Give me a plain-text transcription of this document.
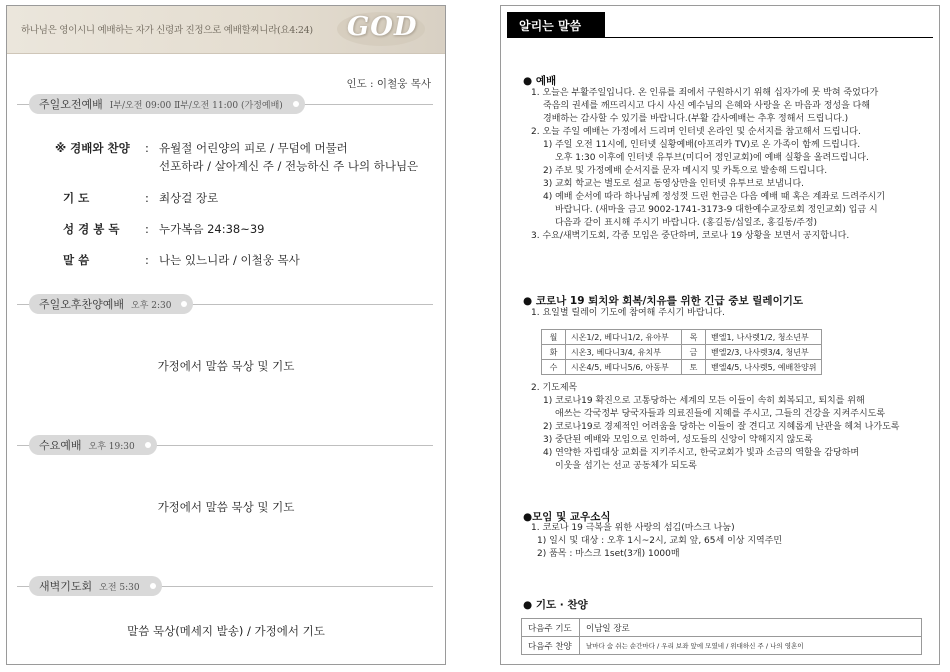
하나님은 영이시니 예배하는 자가 신령과 진정으로 예배할찌니라(요4:24) GOD
인도 : 이철웅 목사
주일오전예배 Ⅰ부/오전 09:00 Ⅱ부/오전 11:00 (가정예배)
※ 경배와 찬양 : 유월절 어린양의 피로 / 무덤에 머물러
선포하라 / 살아계신 주 / 전능하신 주 나의 하나님은
기 도	: 최상걸 장로
성 경 봉 독 : 누가복음 24:38~39
말 씀	: 나는 있느니라 / 이철웅 목사
주일오후찬양예배 오후 2:30
가정에서 말씀 묵상 및 기도
수요예배 오후 19:30
가정에서 말씀 묵상 및 기도
새벽기도회 오전 5:30
말씀 묵상(메세지 발송) / 가정에서 기도
알리는 말씀
● 예배
1. 오늘은 부활주일입니다. 온 인류를 죄에서 구원하시기 위해 십자가에 못 박혀 죽었다가
죽음의 권세를 깨뜨리시고 다시 사신 예수님의 은혜와 사랑을 온 마음과 정성을 다해
경배하는 감사할 수 있기를 바랍니다.(부활 감사예배는 추후 정해서 드립니다.)
2. 오늘 주일 예배는 가정에서 드리며 인터넷 온라인 및 순서지를 참고해서 드립니다.
1) 주일 오전 11시에, 인터넷 실황예배(아프리카 TV)로 온 가족이 함께 드립니다.
오후 1:30 이후에 인터넷 유투브(미디어 정인교회)에 예배 실황을 올려드립니다.
2) 주보 및 가정예배 순서지를 문자 메시지 및 카톡으로 발송해 드립니다.
3) 교회 학교는 별도로 설교 동영상만을 인터넷 유투브로 보냅니다.
4) 예배 순서에 따라 하나님께 정성껏 드린 헌금은 다음 예배 때 혹은 계좌로 드려주시기
바랍니다. (새마을 금고 9002-1741-3173-9 대한예수교장로회 정인교회) 입금 시
다음과 같이 표시해 주시기 바랍니다. (홍길동/십일조, 홍길동/주정)
3. 수요/새벽기도회, 각종 모임은 중단하며, 코로나 19 상황을 보면서 공지합니다.
● 코로나 19 퇴치와 회복/치유를 위한 긴급 중보 릴레이기도
1. 요일별 릴레이 기도에 참여해 주시기 바랍니다.
월	시온1/2, 베다니1/2, 유아부	목	벧엘1, 나사렛1/2, 청소년부
화	시온3, 베다니3/4, 유치부	금	벧엘2/3, 나사렛3/4, 청년부
수	시온4/5, 베다니5/6, 아동부	토	벧엘4/5, 나사렛5, 예배찬양위
2. 기도제목
1) 코로나19 확진으로 고통당하는 세계의 모든 이들이 속히 회복되고, 퇴치를 위해
애쓰는 각국정부 당국자들과 의료진들에 지혜를 주시고, 그들의 건강을 지켜주시도록
2) 코로나19로 경제적인 어려움을 당하는 이들이 잘 견디고 지혜롭게 난관을 헤쳐 나가도록
3) 중단된 예배와 모임으로 인하여, 성도들의 신앙이 약해지지 않도록
4) 연약한 자립대상 교회를 지키주시고, 한국교회가 빛과 소금의 역할을 감당하며
이웃을 섬기는 선교 공동체가 되도록
●모임 및 교우소식
1. 코로나 19 극복을 위한 사랑의 섬김(마스크 나눔)
1) 일시 및 대상 : 오후 1시~2시, 교회 앞, 65세 이상 지역주민
2) 품목 : 마스크 1set(3개) 1000매
● 기도 · 찬양
다음주 기도	이남일 장로
다음주 찬양	날마다 숨 쉬는 순간마다 / 우리 보좌 앞에 모였네 / 위대하신 주 / 나의 영혼이
